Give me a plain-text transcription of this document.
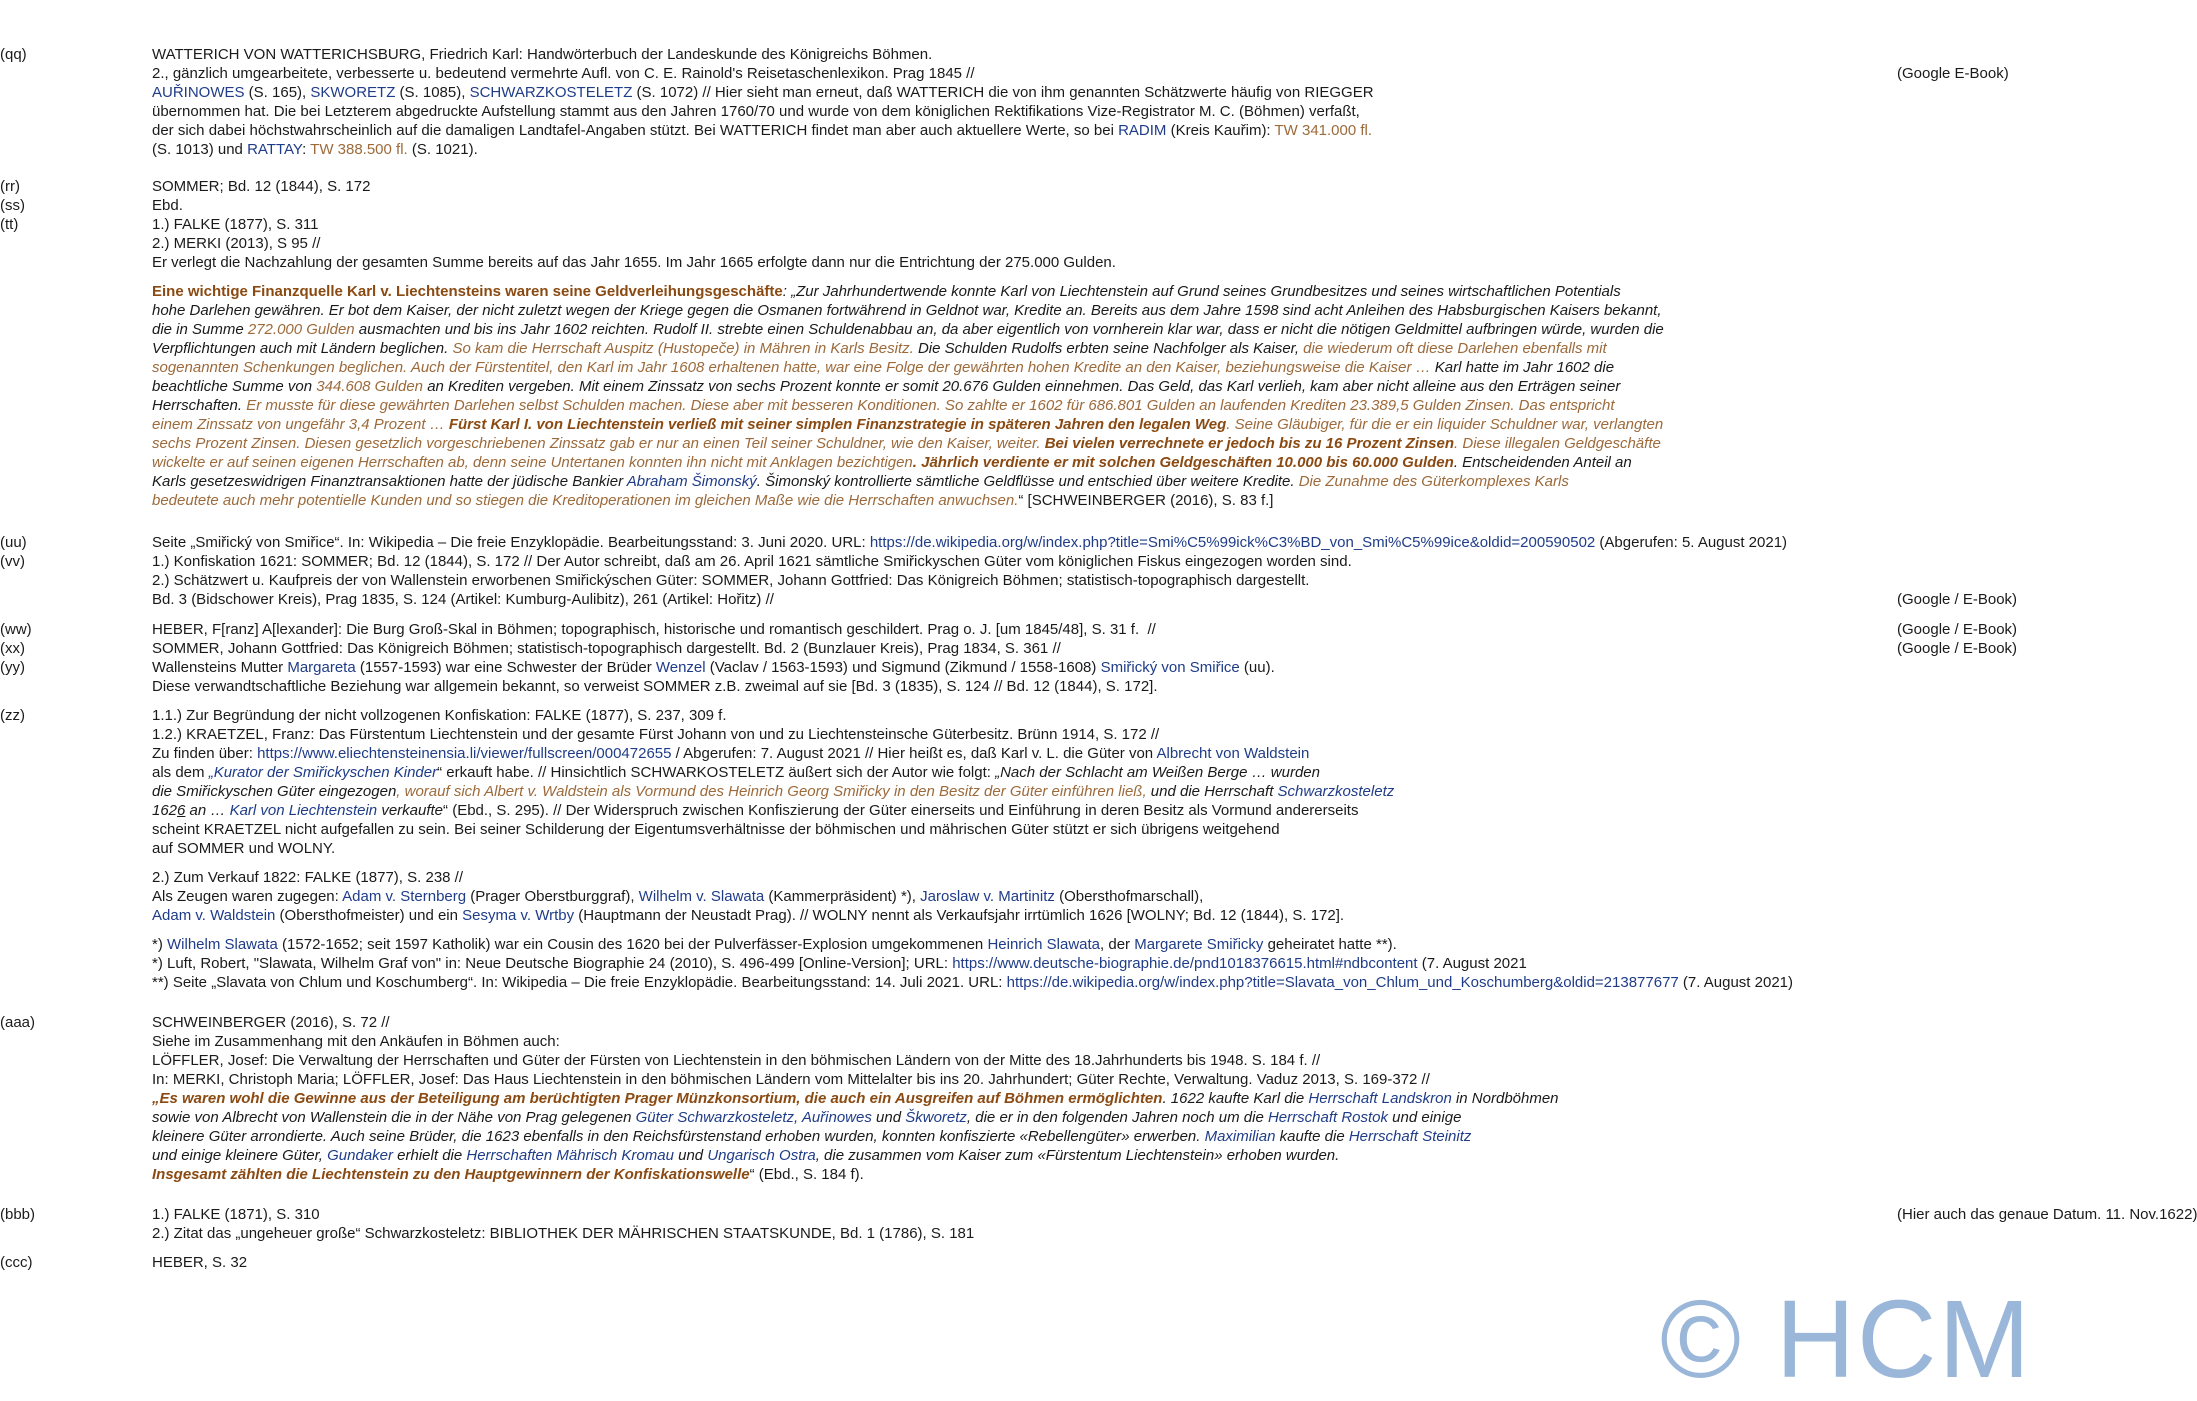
(qq)	WATTERICH VON WATTERICHSBURG, Friedrich Karl: Handwörterbuch der Landeskunde des Königreichs Böhmen.
2., gänzlich umgearbeitete, verbesserte u. bedeutend vermehrte Aufl. von C. E. Rainold's Reisetaschenlexikon. Prag 1845 //	(Google E-Book)
AUŘINOWES (S. 165), SKWORETZ (S. 1085), SCHWARZKOSTELETZ (S. 1072) // Hier sieht man erneut, daß WATTERICH die von ihm genannten Schätzwerte häufig von RIEGGER
übernommen hat. Die bei Letzterem abgedruckte Aufstellung stammt aus den Jahren 1760/70 und wurde von dem königlichen Rektifikations Vize-Registrator M. C. (Böhmen) verfaßt,
der sich dabei höchstwahrscheinlich auf die damaligen Landtafel-Angaben stützt. Bei WATTERICH findet man aber auch aktuellere Werte, so bei RADIM (Kreis Kauřim): TW 341.000 fl.
(S. 1013) und RATTAY: TW 388.500 fl. (S. 1021).
(rr)	SOMMER; Bd. 12 (1844), S. 172
(ss)	Ebd.
(tt)	1.) FALKE (1877), S. 311
2.) MERKI (2013), S 95 //
Er verlegt die Nachzahlung der gesamten Summe bereits auf das Jahr 1655. Im Jahr 1665 erfolgte dann nur die Entrichtung der 275.000 Gulden.
Eine wichtige Finanzquelle Karl v. Liechtensteins waren seine Geldverleihungsgeschäfte: „Zur Jahrhundertwende konnte Karl von Liechtenstein auf Grund seines Grundbesitzes und seines wirtschaftlichen Potentials
hohe Darlehen gewähren. Er bot dem Kaiser, der nicht zuletzt wegen der Kriege gegen die Osmanen fortwährend in Geldnot war, Kredite an. Bereits aus dem Jahre 1598 sind acht Anleihen des Habsburgischen Kaisers bekannt,
die in Summe 272.000 Gulden ausmachten und bis ins Jahr 1602 reichten. Rudolf II. strebte einen Schuldenabbau an, da aber eigentlich von vornherein klar war, dass er nicht die nötigen Geldmittel aufbringen würde, wurden die
Verpflichtungen auch mit Ländern beglichen. So kam die Herrschaft Auspitz (Hustopeče) in Mähren in Karls Besitz. Die Schulden Rudolfs erbten seine Nachfolger als Kaiser, die wiederum oft diese Darlehen ebenfalls mit
sogenannten Schenkungen beglichen. Auch der Fürstentitel, den Karl im Jahr 1608 erhaltenen hatte, war eine Folge der gewährten hohen Kredite an den Kaiser, beziehungsweise die Kaiser … Karl hatte im Jahr 1602 die
beachtliche Summe von 344.608 Gulden an Krediten vergeben. Mit einem Zinssatz von sechs Prozent konnte er somit 20.676 Gulden einnehmen. Das Geld, das Karl verlieh, kam aber nicht alleine aus den Erträgen seiner
Herrschaften. Er musste für diese gewährten Darlehen selbst Schulden machen. Diese aber mit besseren Konditionen. So zahlte er 1602 für 686.801 Gulden an laufenden Krediten 23.389,5 Gulden Zinsen. Das entspricht
einem Zinssatz von ungefähr 3,4 Prozent … Fürst Karl I. von Liechtenstein verließ mit seiner simplen Finanzstrategie in späteren Jahren den legalen Weg. Seine Gläubiger, für die er ein liquider Schuldner war, verlangten
sechs Prozent Zinsen. Diesen gesetzlich vorgeschriebenen Zinssatz gab er nur an einen Teil seiner Schuldner, wie den Kaiser, weiter. Bei vielen verrechnete er jedoch bis zu 16 Prozent Zinsen. Diese illegalen Geldgeschäfte
wickelte er auf seinen eigenen Herrschaften ab, denn seine Untertanen konnten ihn nicht mit Anklagen bezichtigen. Jährlich verdiente er mit solchen Geldgeschäften 10.000 bis 60.000 Gulden. Entscheidenden Anteil an
Karls gesetzeswidrigen Finanztransaktionen hatte der jüdische Bankier Abraham Šimonský. Šimonský kontrollierte sämtliche Geldflüsse und entschied über weitere Kredite. Die Zunahme des Güterkomplexes Karls
bedeutete auch mehr potentielle Kunden und so stiegen die Kreditoperationen im gleichen Maße wie die Herrschaften anwuchsen.“ [SCHWEINBERGER (2016), S. 83 f.]
(uu)	Seite „Smiřický von Smiřice“. In: Wikipedia – Die freie Enzyklopädie. Bearbeitungsstand: 3. Juni 2020. URL: https://de.wikipedia.org/w/index.php?title=Smi%C5%99ick%C3%BD_von_Smi%C5%99ice&oldid=200590502 (Abgerufen: 5. August 2021)
(vv)	1.) Konfiskation 1621: SOMMER; Bd. 12 (1844), S. 172 // Der Autor schreibt, daß am 26. April 1621 sämtliche Smiřickyschen Güter vom königlichen Fiskus eingezogen worden sind.
2.) Schätzwert u. Kaufpreis der von Wallenstein erworbenen Smiřickýschen Güter: SOMMER, Johann Gottfried: Das Königreich Böhmen; statistisch-topographisch dargestellt.
Bd. 3 (Bidschower Kreis), Prag 1835, S. 124 (Artikel: Kumburg-Aulibitz), 261 (Artikel: Hořitz) //	(Google / E-Book)
(ww)	HEBER, F[ranz] A[lexander]: Die Burg Groß-Skal in Böhmen; topographisch, historische und romantisch geschildert. Prag o. J. [um 1845/48], S. 31 f.  //	(Google / E-Book)
(xx)	SOMMER, Johann Gottfried: Das Königreich Böhmen; statistisch-topographisch dargestellt. Bd. 2 (Bunzlauer Kreis), Prag 1834, S. 361 //	(Google / E-Book)
(yy)	Wallensteins Mutter Margareta (1557-1593) war eine Schwester der Brüder Wenzel (Vaclav / 1563-1593) und Sigmund (Zikmund / 1558-1608) Smiřický von Smiřice (uu).
Diese verwandtschaftliche Beziehung war allgemein bekannt, so verweist SOMMER z.B. zweimal auf sie [Bd. 3 (1835), S. 124 // Bd. 12 (1844), S. 172].
(zz)	1.1.) Zur Begründung der nicht vollzogenen Konfiskation: FALKE (1877), S. 237, 309 f.
1.2.) KRAETZEL, Franz: Das Fürstentum Liechtenstein und der gesamte Fürst Johann von und zu Liechtensteinsche Güterbesitz. Brünn 1914, S. 172 //
Zu finden über: https://www.eliechtensteinensia.li/viewer/fullscreen/000472655 / Abgerufen: 7. August 2021 // Hier heißt es, daß Karl v. L. die Güter von Albrecht von Waldstein
als dem „Kurator der Smiřickyschen Kinder“ erkauft habe. // Hinsichtlich SCHWARKOSTELETZ äußert sich der Autor wie folgt: „Nach der Schlacht am Weißen Berge … wurden
die Smiřickyschen Güter eingezogen, worauf sich Albert v. Waldstein als Vormund des Heinrich Georg Smiřicky in den Besitz der Güter einführen ließ, und die Herrschaft Schwarzkosteletz
1626 an … Karl von Liechtenstein verkaufte“ (Ebd., S. 295). // Der Widerspruch zwischen Konfiszierung der Güter einerseits und Einführung in deren Besitz als Vormund andererseits
scheint KRAETZEL nicht aufgefallen zu sein. Bei seiner Schilderung der Eigentumsverhältnisse der böhmischen und mährischen Güter stützt er sich übrigens weitgehend
auf SOMMER und WOLNY.
2.) Zum Verkauf 1822: FALKE (1877), S. 238 //
Als Zeugen waren zugegen: Adam v. Sternberg (Prager Oberstburggraf), Wilhelm v. Slawata (Kammerpräsident) *), Jaroslaw v. Martinitz (Obersthofmarschall),
Adam v. Waldstein (Obersthofmeister) und ein Sesyma v. Wrtby (Hauptmann der Neustadt Prag). // WOLNY nennt als Verkaufsjahr irrtümlich 1626 [WOLNY; Bd. 12 (1844), S. 172].
*) Wilhelm Slawata (1572-1652; seit 1597 Katholik) war ein Cousin des 1620 bei der Pulverfässer-Explosion umgekommenen Heinrich Slawata, der Margarete Smiřicky geheiratet hatte **).
*) Luft, Robert, "Slawata, Wilhelm Graf von" in: Neue Deutsche Biographie 24 (2010), S. 496-499 [Online-Version]; URL: https://www.deutsche-biographie.de/pnd1018376615.html#ndbcontent (7. August 2021
**) Seite „Slavata von Chlum und Koschumberg“. In: Wikipedia – Die freie Enzyklopädie. Bearbeitungsstand: 14. Juli 2021. URL: https://de.wikipedia.org/w/index.php?title=Slavata_von_Chlum_und_Koschumberg&oldid=213877677 (7. August 2021)
(aaa)	SCHWEINBERGER (2016), S. 72 //
Siehe im Zusammenhang mit den Ankäufen in Böhmen auch:
LÖFFLER, Josef: Die Verwaltung der Herrschaften und Güter der Fürsten von Liechtenstein in den böhmischen Ländern von der Mitte des 18.Jahrhunderts bis 1948. S. 184 f. //
In: MERKI, Christoph Maria; LÖFFLER, Josef: Das Haus Liechtenstein in den böhmischen Ländern vom Mittelalter bis ins 20. Jahrhundert; Güter Rechte, Verwaltung. Vaduz 2013, S. 169-372 //
„Es waren wohl die Gewinne aus der Beteiligung am berüchtigten Prager Münzkonsortium, die auch ein Ausgreifen auf Böhmen ermöglichten. 1622 kaufte Karl die Herrschaft Landskron in Nordböhmen
sowie von Albrecht von Wallenstein die in der Nähe von Prag gelegenen Güter Schwarzkosteletz, Auřinowes und Škworetz, die er in den folgenden Jahren noch um die Herrschaft Rostok und einige
kleinere Güter arrondierte. Auch seine Brüder, die 1623 ebenfalls in den Reichsfürstenstand erhoben wurden, konnten konfiszierte «Rebellengüter» erwerben. Maximilian kaufte die Herrschaft Steinitz
und einige kleinere Güter, Gundaker erhielt die Herrschaften Mährisch Kromau und Ungarisch Ostra, die zusammen vom Kaiser zum «Fürstentum Liechtenstein» erhoben wurden.
Insgesamt zählten die Liechtenstein zu den Hauptgewinnern der Konfiskationswelle“ (Ebd., S. 184 f).
(bbb)	1.) FALKE (1871), S. 310	(Hier auch das genaue Datum. 11. Nov.1622)
2.) Zitat das „ungeheuer große“ Schwarzkosteletz: BIBLIOTHEK DER MÄHRISCHEN STAATSKUNDE, Bd. 1 (1786), S. 181
(ccc)	HEBER, S. 32
© HCM
